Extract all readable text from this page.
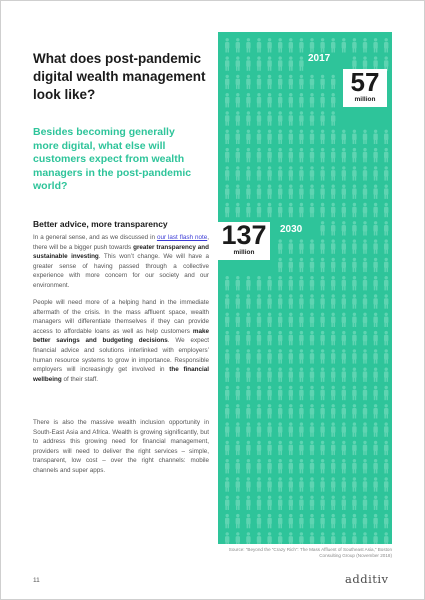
What does post-pandemic digital wealth management look like?
Besides becoming generally more digital, what else will customers expect from wealth managers in the post-pandemic world?
Better advice, more transparency

In a general sense, and as we discussed in our last flash note, there will be a bigger push towards greater transparency and sustainable investing. This won’t change. We will have a greater sense of having passed through a collective experience with more concern for our society and our environment.

People will need more of a helping hand in the immediate aftermath of the crisis. In the mass affluent space, wealth managers will differentiate themselves if they can provide access to affordable loans as well as help customers make better savings and budgeting decisions. We expect financial advice and solutions interlinked with employers’ human resource systems to grow in importance. Responsible employers will increasingly get involved in the financial wellbeing of their staff.

There is also the massive wealth inclusion opportunity in South-East Asia and Africa. Wealth is growing significantly, but to address this growing need for financial management, providers will need to deliver the right services – simple, transparent, low cost – over the right channels: mobile channels and super apps.

2017
57
million
137
million
2030

Source: “Beyond the “Crazy Rich”: The Mass Affluent of Southeast Asia,” Boston Consulting Group (November 2018)

11	additiv
